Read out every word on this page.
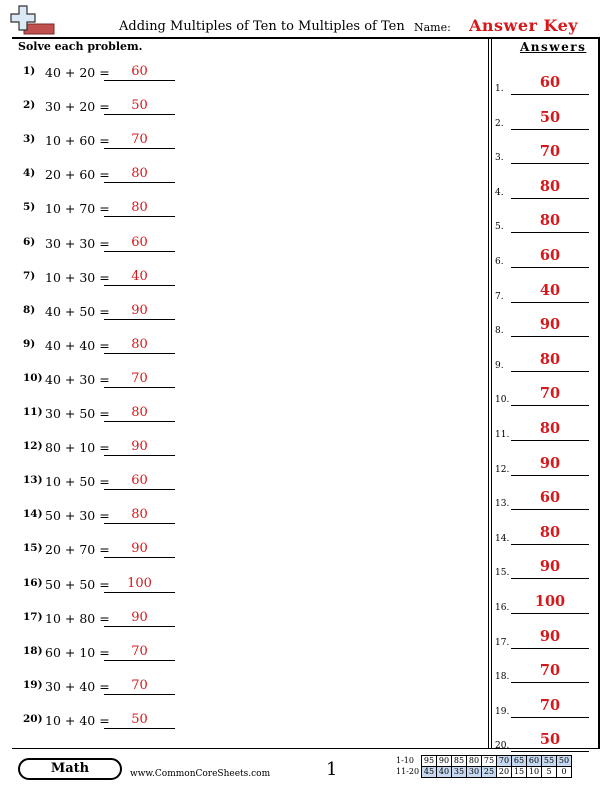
Adding Multiples of Ten to Multiples of Ten Name: Answer Key
Solve each problem.	Answers
1) 40 + 20 =	60
2) 30 + 20 =	50
3) 10 + 60 =	70
4) 20 + 60 =	80
5) 10 + 70 =	80
6) 30 + 30 =	60
7) 10 + 30 =	40
8) 40 + 50 =	90
9) 40 + 40 =	80
10) 40 + 30 =	70
11) 30 + 50 =	80
12) 80 + 10 =	90
13) 10 + 50 =	60
14) 50 + 30 =	80
15) 20 + 70 =	90
16) 50 + 50 =	100
17) 10 + 80 =	90
18) 60 + 10 =	70
19) 30 + 40 =	70
20) 10 + 40 =	50
1.	60
2.	50
3.	70
4.	80
5.	80
6.	60
7.	40
8.	90
9.	80
10.	70
11.	80
12.	90
13.	60
14.	80
15.	90
16.	100
17.	90
18.	70
19.	70
20.	50
Math	www.CommonCoreSheets.com	1	1-10	95	90	85	80	75	70	65	60	55	50
11-20	45	40	35	30	25	20	15	10	5	0
